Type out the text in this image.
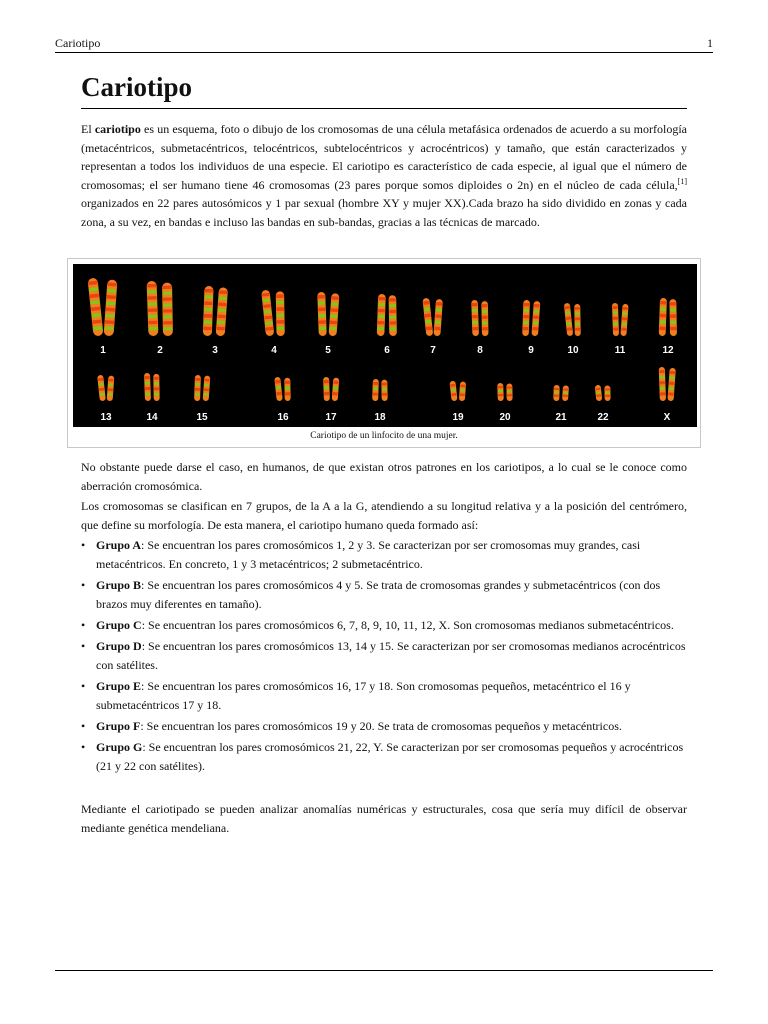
Cariotipo	1
Cariotipo

El cariotipo es un esquema, foto o dibujo de los cromosomas de una célula metafásica ordenados de acuerdo a su morfología (metacéntricos, submetacéntricos, telocéntricos, subtelocéntricos y acrocéntricos) y tamaño, que están caracterizados y representan a todos los individuos de una especie. El cariotipo es característico de cada especie, al igual que el número de cromosomas; el ser humano tiene 46 cromosomas (23 pares porque somos diploides o 2n) en el núcleo de cada célula,[1] organizados en 22 pares autosómicos y 1 par sexual (hombre XY y mujer XX).Cada brazo ha sido dividido en zonas y cada zona, a su vez, en bandas e incluso las bandas en sub-bandas, gracias a las técnicas de marcado.

1	2	3	4	5	6	7	8	9	10	11	12
13	14	15	16	17	18	19	20	21	22	X
Cariotipo de un linfocito de una mujer.

No obstante puede darse el caso, en humanos, de que existan otros patrones en los cariotipos, a lo cual se le conoce como aberración cromosómica.

Los cromosomas se clasifican en 7 grupos, de la A a la G, atendiendo a su longitud relativa y a la posición del centrómero, que define su morfología. De esta manera, el cariotipo humano queda formado así:

• Grupo A: Se encuentran los pares cromosómicos 1, 2 y 3. Se caracterizan por ser cromosomas muy grandes, casi metacéntricos. En concreto, 1 y 3 metacéntricos; 2 submetacéntrico.
• Grupo B: Se encuentran los pares cromosómicos 4 y 5. Se trata de cromosomas grandes y submetacéntricos (con dos brazos muy diferentes en tamaño).
• Grupo C: Se encuentran los pares cromosómicos 6, 7, 8, 9, 10, 11, 12, X. Son cromosomas medianos submetacéntricos.
• Grupo D: Se encuentran los pares cromosómicos 13, 14 y 15. Se caracterizan por ser cromosomas medianos acrocéntricos con satélites.
• Grupo E: Se encuentran los pares cromosómicos 16, 17 y 18. Son cromosomas pequeños, metacéntrico el 16 y submetacéntricos 17 y 18.
• Grupo F: Se encuentran los pares cromosómicos 19 y 20. Se trata de cromosomas pequeños y metacéntricos.
• Grupo G: Se encuentran los pares cromosómicos 21, 22, Y. Se caracterizan por ser cromosomas pequeños y acrocéntricos (21 y 22 con satélites).

Mediante el cariotipado se pueden analizar anomalías numéricas y estructurales, cosa que sería muy difícil de observar mediante genética mendeliana.
